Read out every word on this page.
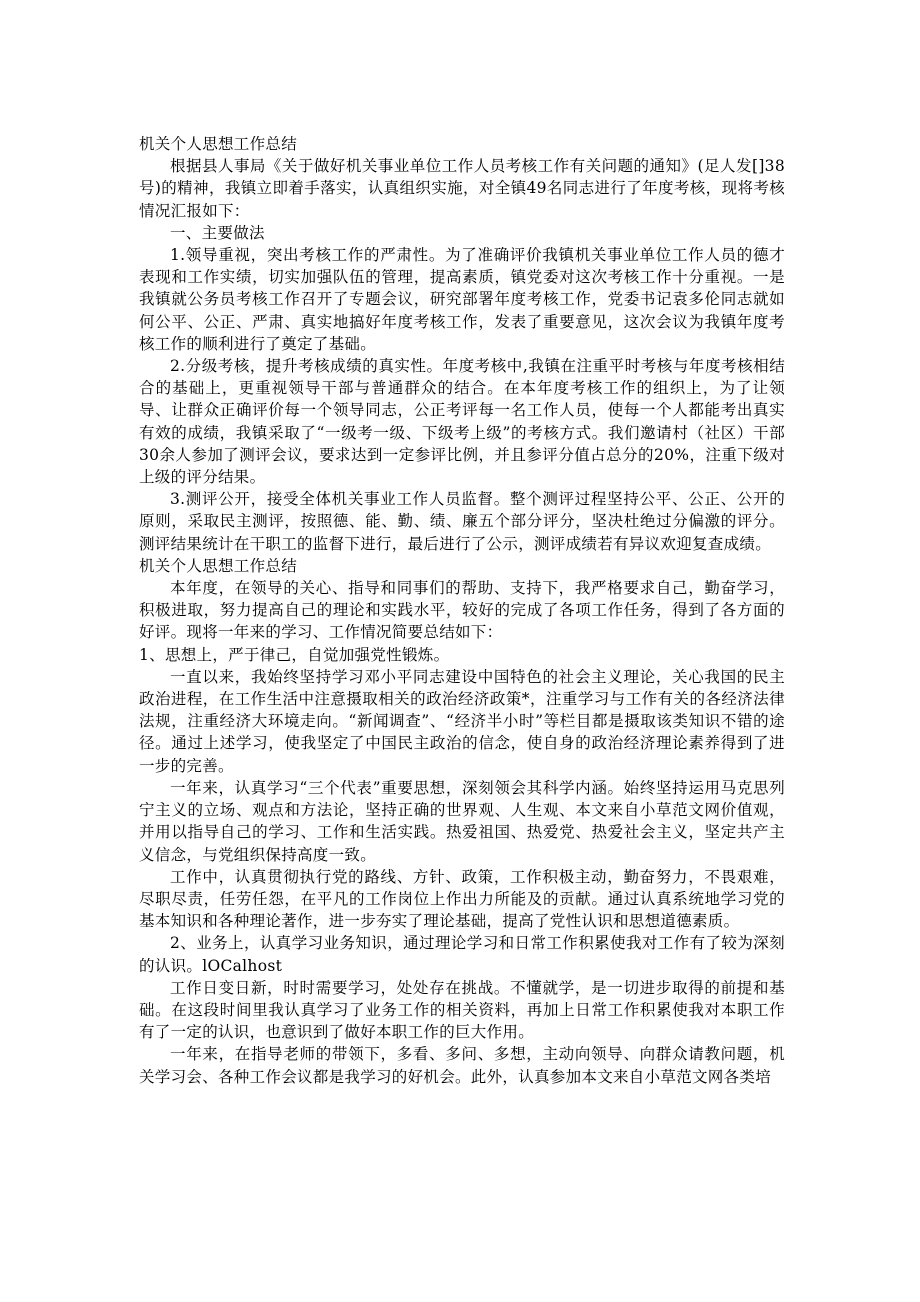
机关个人思想工作总结

根据县人事局《关于做好机关事业单位工作人员考核工作有关问题的通知》(足人发[]38号)的精神，我镇立即着手落实，认真组织实施，对全镇49名同志进行了年度考核，现将考核情况汇报如下：

一、主要做法

1.领导重视，突出考核工作的严肃性。为了准确评价我镇机关事业单位工作人员的德才表现和工作实绩，切实加强队伍的管理，提高素质，镇党委对这次考核工作十分重视。一是我镇就公务员考核工作召开了专题会议，研究部署年度考核工作，党委书记袁多伦同志就如何公平、公正、严肃、真实地搞好年度考核工作，发表了重要意见，这次会议为我镇年度考核工作的顺利进行了奠定了基础。

2.分级考核，提升考核成绩的真实性。年度考核中,我镇在注重平时考核与年度考核相结合的基础上，更重视领导干部与普通群众的结合。在本年度考核工作的组织上，为了让领导、让群众正确评价每一个领导同志，公正考评每一名工作人员，使每一个人都能考出真实有效的成绩，我镇采取了“一级考一级、下级考上级”的考核方式。我们邀请村（社区）干部30余人参加了测评会议，要求达到一定参评比例，并且参评分值占总分的20%，注重下级对上级的评分结果。

3.测评公开，接受全体机关事业工作人员监督。整个测评过程坚持公平、公正、公开的原则，采取民主测评，按照德、能、勤、绩、廉五个部分评分，坚决杜绝过分偏激的评分。测评结果统计在干职工的监督下进行，最后进行了公示，测评成绩若有异议欢迎复查成绩。

机关个人思想工作总结

本年度，在领导的关心、指导和同事们的帮助、支持下，我严格要求自己，勤奋学习，积极进取，努力提高自己的理论和实践水平，较好的完成了各项工作任务，得到了各方面的好评。现将一年来的学习、工作情况简要总结如下：

1、思想上，严于律己，自觉加强党性锻炼。

一直以来，我始终坚持学习邓小平同志建设中国特色的社会主义理论，关心我国的民主政治进程，在工作生活中注意摄取相关的政治经济政策*，注重学习与工作有关的各经济法律法规，注重经济大环境走向。“新闻调查”、“经济半小时”等栏目都是摄取该类知识不错的途径。通过上述学习，使我坚定了中国民主政治的信念，使自身的政治经济理论素养得到了进一步的完善。

一年来，认真学习“三个代表”重要思想，深刻领会其科学内涵。始终坚持运用马克思列宁主义的立场、观点和方法论，坚持正确的世界观、人生观、本文来自小草范文网价值观，并用以指导自己的学习、工作和生活实践。热爱祖国、热爱党、热爱社会主义，坚定共产主义信念，与党组织保持高度一致。

工作中，认真贯彻执行党的路线、方针、政策，工作积极主动，勤奋努力，不畏艰难，尽职尽责，任劳任怨，在平凡的工作岗位上作出力所能及的贡献。通过认真系统地学习党的基本知识和各种理论著作，进一步夯实了理论基础，提高了党性认识和思想道德素质。

2、业务上，认真学习业务知识，通过理论学习和日常工作积累使我对工作有了较为深刻的认识。lOCalhost

工作日变日新，时时需要学习，处处存在挑战。不懂就学，是一切进步取得的前提和基础。在这段时间里我认真学习了业务工作的相关资料，再加上日常工作积累使我对本职工作有了一定的认识，也意识到了做好本职工作的巨大作用。

一年来，在指导老师的带领下，多看、多问、多想，主动向领导、向群众请教问题，机关学习会、各种工作会议都是我学习的好机会。此外，认真参加本文来自小草范文网各类培
